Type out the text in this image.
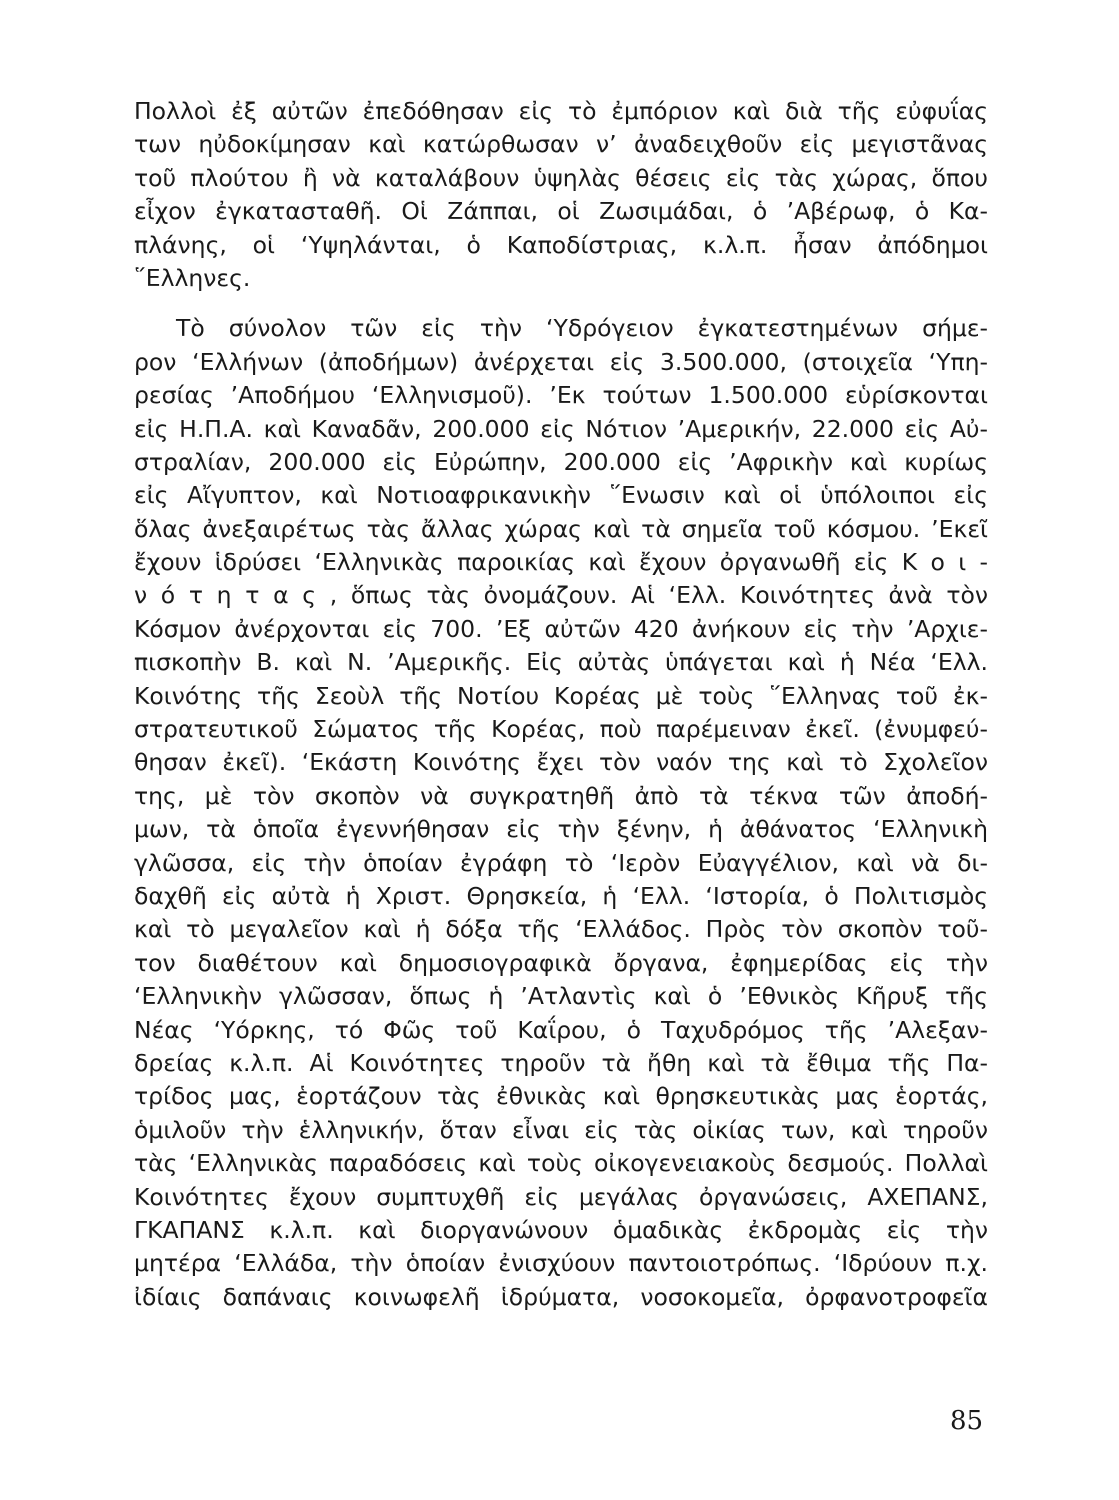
Πολλοὶ ἐξ αὐτῶν ἐπεδόθησαν εἰς τὸ ἐμπόριον καὶ διὰ τῆς εὐφυΐας
των ηὐδοκίμησαν καὶ κατώρθωσαν ν’ ἀναδειχθοῦν εἰς μεγιστᾶνας
τοῦ πλούτου ἢ νὰ καταλάβουν ὑψηλὰς θέσεις εἰς τὰς χώρας, ὅπου
εἶχον ἐγκατασταθῆ. Οἱ Ζάππαι, οἱ Ζωσιμάδαι, ὁ ’Αβέρωφ, ὁ Κα-
πλάνης, οἱ ‘Υψηλάνται, ὁ Καποδίστριας, κ.λ.π. ἦσαν ἀπόδημοι
῞Ελληνες.
Τὸ σύνολον τῶν εἰς τὴν ‘Υδρόγειον ἐγκατεστημένων σήμε-
ρον ‘Ελλήνων (ἀποδήμων) ἀνέρχεται εἰς 3.500.000, (στοιχεῖα ‘Υπη-
ρεσίας ’Αποδήμου ‘Ελληνισμοῦ). ’Εκ τούτων 1.500.000 εὑρίσκονται
εἰς Η.Π.Α. καὶ Καναδᾶν, 200.000 εἰς Νότιον ’Αμερικήν, 22.000 εἰς Αὐ-
στραλίαν, 200.000 εἰς Εὐρώπην, 200.000 εἰς ’Αφρικὴν καὶ κυρίως
εἰς Αἴγυπτον, καὶ Νοτιοαφρικανικὴν ῞Ενωσιν καὶ οἱ ὑπόλοιποι εἰς
ὅλας ἀνεξαιρέτως τὰς ἄλλας χώρας καὶ τὰ σημεῖα τοῦ κόσμου. ’Εκεῖ
ἔχουν ἱδρύσει ‘Ελληνικὰς παροικίας καὶ ἔχουν ὀργανωθῆ εἰς Κ ο ι -
ν ό τ η τ α ς , ὅπως τὰς ὀνομάζουν. Αἱ ‘Ελλ. Κοινότητες ἀνὰ τὸν
Κόσμον ἀνέρχονται εἰς 700. ’Εξ αὐτῶν 420 ἀνήκουν εἰς τὴν ’Αρχιε-
πισκοπὴν Β. καὶ Ν. ’Αμερικῆς. Εἰς αὐτὰς ὑπάγεται καὶ ἡ Νέα ‘Ελλ.
Κοινότης τῆς Σεοὺλ τῆς Νοτίου Κορέας μὲ τοὺς ῞Ελληνας τοῦ ἐκ-
στρατευτικοῦ Σώματος τῆς Κορέας, ποὺ παρέμειναν ἐκεῖ. (ἐνυμφεύ-
θησαν ἐκεῖ). ‘Εκάστη Κοινότης ἔχει τὸν ναόν της καὶ τὸ Σχολεῖον
της, μὲ τὸν σκοπὸν νὰ συγκρατηθῆ ἀπὸ τὰ τέκνα τῶν ἀποδή-
μων, τὰ ὁποῖα ἐγεννήθησαν εἰς τὴν ξένην, ἡ ἀθάνατος ‘Ελληνικὴ
γλῶσσα, εἰς τὴν ὁποίαν ἐγράφη τὸ ‘Ιερὸν Εὐαγγέλιον, καὶ νὰ δι-
δαχθῆ εἰς αὐτὰ ἡ Χριστ. Θρησκεία, ἡ ‘Ελλ. ‘Ιστορία, ὁ Πολιτισμὸς
καὶ τὸ μεγαλεῖον καὶ ἡ δόξα τῆς ‘Ελλάδος. Πρὸς τὸν σκοπὸν τοῦ-
τον διαθέτουν καὶ δημοσιογραφικὰ ὄργανα, ἐφημερίδας εἰς τὴν
‘Ελληνικὴν γλῶσσαν, ὅπως ἡ ’Ατλαντὶς καὶ ὁ ’Εθνικὸς Κῆρυξ τῆς
Νέας ‘Υόρκης, τό Φῶς τοῦ Καΐρου, ὁ Ταχυδρόμος τῆς ’Αλεξαν-
δρείας κ.λ.π. Αἱ Κοινότητες τηροῦν τὰ ἤθη καὶ τὰ ἔθιμα τῆς Πα-
τρίδος μας, ἑορτάζουν τὰς ἐθνικὰς καὶ θρησκευτικὰς μας ἑορτάς,
ὁμιλοῦν τὴν ἑλληνικήν, ὅταν εἶναι εἰς τὰς οἰκίας των, καὶ τηροῦν
τὰς ‘Ελληνικὰς παραδόσεις καὶ τοὺς οἰκογενειακοὺς δεσμούς. Πολλαὶ
Κοινότητες ἔχουν συμπτυχθῆ εἰς μεγάλας ὀργανώσεις, ΑΧΕΠΑΝΣ,
ΓΚΑΠΑΝΣ κ.λ.π. καὶ διοργανώνουν ὁμαδικὰς ἐκδρομὰς εἰς τὴν
μητέρα ‘Ελλάδα, τὴν ὁποίαν ἐνισχύουν παντοιοτρόπως. ‘Ιδρύουν π.χ.
ἰδίαις δαπάναις κοινωφελῆ ἱδρύματα, νοσοκομεῖα, ὀρφανοτροφεῖα
85
